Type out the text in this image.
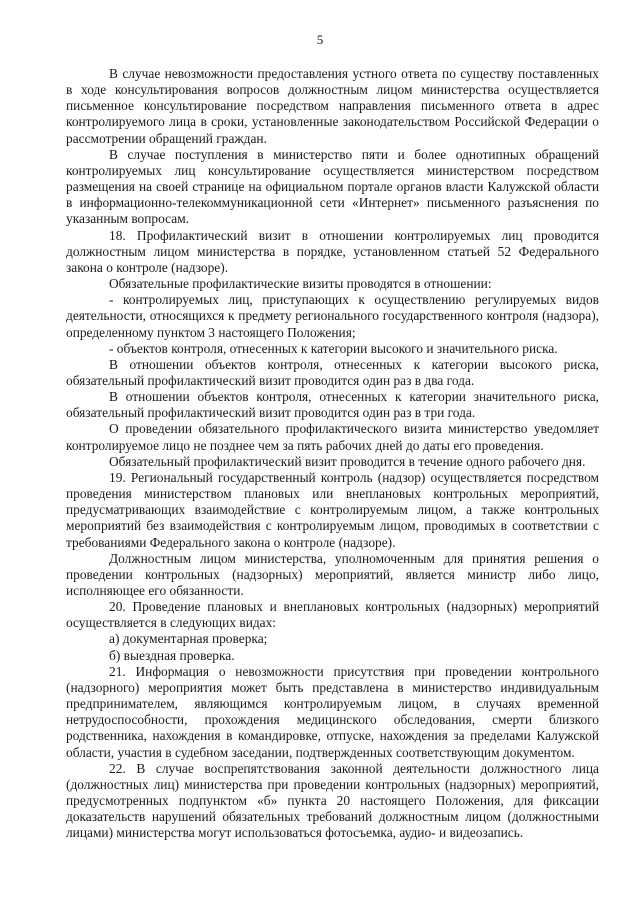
5

В случае невозможности предоставления устного ответа по существу поставленных в ходе консультирования вопросов должностным лицом министерства осуществляется письменное консультирование посредством направления письменного ответа в адрес контролируемого лица в сроки, установленные законодательством Российской Федерации о рассмотрении обращений граждан.

В случае поступления в министерство пяти и более однотипных обращений контролируемых лиц консультирование осуществляется министерством посредством размещения на своей странице на официальном портале органов власти Калужской области в информационно-телекоммуникационной сети «Интернет» письменного разъяснения по указанным вопросам.

18. Профилактический визит в отношении контролируемых лиц проводится должностным лицом министерства в порядке, установленном статьей 52 Федерального закона о контроле (надзоре).

Обязательные профилактические визиты проводятся в отношении:

- контролируемых лиц, приступающих к осуществлению регулируемых видов деятельности, относящихся к предмету регионального государственного контроля (надзора), определенному пунктом 3 настоящего Положения;

- объектов контроля, отнесенных к категории высокого и значительного риска.

В отношении объектов контроля, отнесенных к категории высокого риска, обязательный профилактический визит проводится один раз в два года.

В отношении объектов контроля, отнесенных к категории значительного риска, обязательный профилактический визит проводится один раз в три года.

О проведении обязательного профилактического визита министерство уведомляет контролируемое лицо не позднее чем за пять рабочих дней до даты его проведения.

Обязательный профилактический визит проводится в течение одного рабочего дня.

19. Региональный государственный контроль (надзор) осуществляется посредством проведения министерством плановых или внеплановых контрольных мероприятий, предусматривающих взаимодействие с контролируемым лицом, а также контрольных мероприятий без взаимодействия с контролируемым лицом, проводимых в соответствии с требованиями Федерального закона о контроле (надзоре).

Должностным лицом министерства, уполномоченным для принятия решения о проведении контрольных (надзорных) мероприятий, является министр либо лицо, исполняющее его обязанности.

20. Проведение плановых и внеплановых контрольных (надзорных) мероприятий осуществляется в следующих видах:

а) документарная проверка;

б) выездная проверка.

21. Информация о невозможности присутствия при проведении контрольного (надзорного) мероприятия может быть представлена в министерство индивидуальным предпринимателем, являющимся контролируемым лицом, в случаях временной нетрудоспособности, прохождения медицинского обследования, смерти близкого родственника, нахождения в командировке, отпуске, нахождения за пределами Калужской области, участия в судебном заседании, подтвержденных соответствующим документом.

22. В случае воспрепятствования законной деятельности должностного лица (должностных лиц) министерства при проведении контрольных (надзорных) мероприятий, предусмотренных подпунктом «б» пункта 20 настоящего Положения, для фиксации доказательств нарушений обязательных требований должностным лицом (должностными лицами) министерства могут использоваться фотосъемка, аудио- и видеозапись.
